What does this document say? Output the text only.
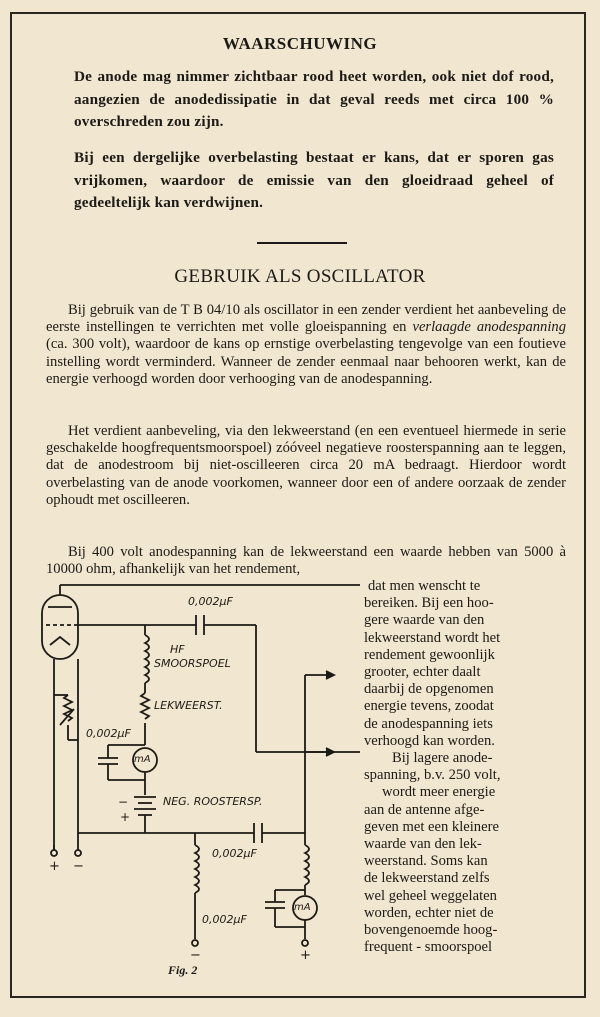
WAARSCHUWING
De anode mag nimmer zichtbaar rood heet worden, ook niet dof rood, aangezien de anodedissipatie in dat geval reeds met circa 100 % overschreden zou zijn.
Bij een dergelijke overbelasting bestaat er kans, dat er sporen gas vrijkomen, waardoor de emissie van den gloeidraad geheel of gedeeltelijk kan verdwijnen.
GEBRUIK ALS OSCILLATOR
Bij gebruik van de T B 04/10 als oscillator in een zender verdient het aanbeveling de eerste instellingen te verrichten met volle gloeispanning en verlaagde anodespanning (ca. 300 volt), waardoor de kans op ernstige overbelasting tengevolge van een foutieve instelling wordt verminderd. Wanneer de zender eenmaal naar behooren werkt, kan de energie verhoogd worden door verhooging van de anodespanning.
Het verdient aanbeveling, via den lekweerstand (en een eventueel hiermede in serie geschakelde hoogfrequentsmoorspoel) zóóveel negatieve roosterspanning aan te leggen, dat de anodestroom bij niet-oscilleeren circa 20 mA bedraagt. Hierdoor wordt overbelasting van de anode voorkomen, wanneer door een of andere oorzaak de zender ophoudt met oscilleeren.
Bij 400 volt anodespanning kan de lekweerstand een waarde hebben van 5000 à 10000 ohm, afhankelijk van het rendement,
dat men wenscht te
bereiken. Bij een hoo-
gere waarde van den
lekweerstand wordt het
rendement gewoonlijk
grooter, echter daalt
daarbij de opgenomen
energie tevens, zoodat
de anodespanning iets
verhoogd kan worden.
Bij lagere anode-
spanning, b.v. 250 volt,
wordt meer energie
aan de antenne afge-
geven met een kleinere
waarde van den lek-
weerstand. Soms kan
de lekweerstand zelfs
wel geheel weggelaten
worden, echter niet de
bovengenoemde hoog-
frequent - smoorspoel
0,002μF
HF
SMOORSPOEL
LEKWEERST.
0,002μF
mA
NEG. ROOSTERSP.
−
+
0,002μF
0,002μF
mA
+ −
−	+
Fig. 2
